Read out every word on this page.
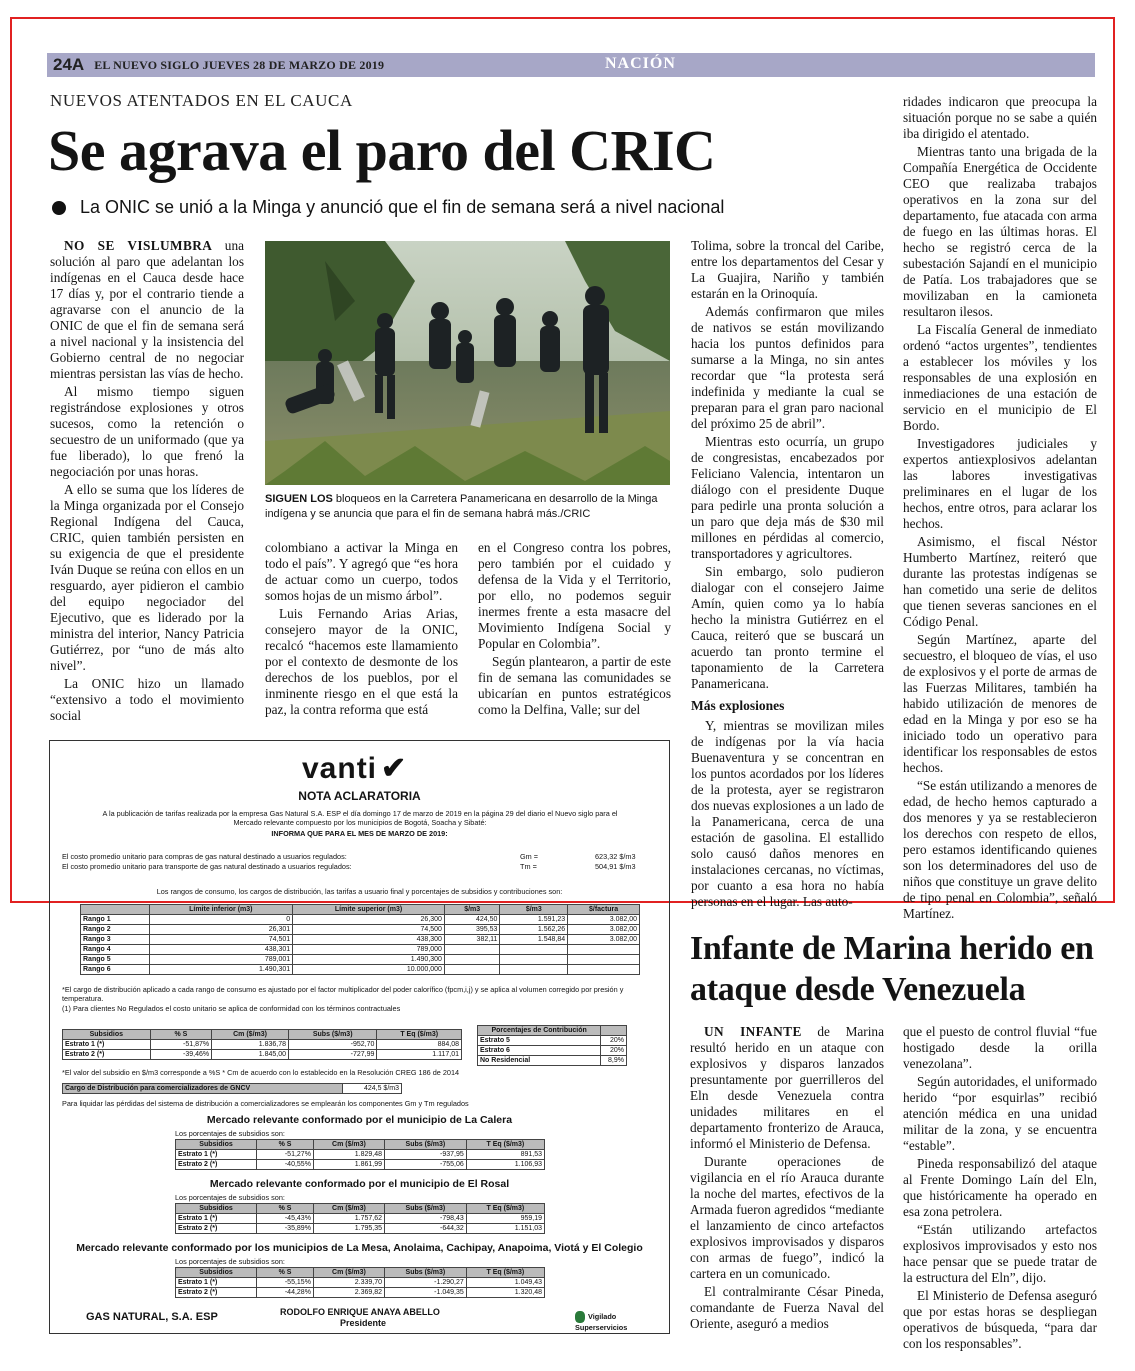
24A EL NUEVO SIGLO JUEVES 28 DE MARZO DE 2019	NACIÓN
NUEVOS ATENTADOS EN EL CAUCA
Se agrava el paro del CRIC
La ONIC se unió a la Minga y anunció que el fin de semana será a nivel nacional

NO SE VISLUMBRA una solución al paro que adelantan los indígenas en el Cauca desde hace 17 días y, por el contrario tiende a agravarse con el anuncio de la ONIC de que el fin de semana será a nivel nacional y la insistencia del Gobierno central de no negociar mientras persistan las vías de hecho.

Al mismo tiempo siguen registrándose explosiones y otros sucesos, como la retención o secuestro de un uniformado (que ya fue liberado), lo que frenó la negociación por unas horas.

A ello se suma que los líderes de la Minga organizada por el Consejo Regional Indígena del Cauca, CRIC, quien también persisten en su exigencia de que el presidente Iván Duque se reúna con ellos en un resguardo, ayer pidieron el cambio del equipo negociador del Ejecutivo, que es liderado por la ministra del interior, Nancy Patricia Gutiérrez, por “uno de más alto nivel”.

La ONIC hizo un llamado “extensivo a todo el movimiento social

SIGUEN LOS bloqueos en la Carretera Panamericana en desarrollo de la Minga indígena y se anuncia que para el fin de semana habrá más./CRIC

colombiano a activar la Minga en todo el país”. Y agregó que “es hora de actuar como un cuerpo, todos somos hojas de un mismo árbol”.

Luis Fernando Arias Arias, consejero mayor de la ONIC, recalcó “hacemos este llamamiento por el contexto de desmonte de los derechos de los pueblos, por el inminente riesgo en el que está la paz, la contra reforma que está

en el Congreso contra los pobres, pero también por el cuidado y defensa de la Vida y el Territorio, por ello, no podemos seguir inermes frente a esta masacre del Movimiento Indígena Social y Popular en Colombia”.

Según plantearon, a partir de este fin de semana las comunidades se ubicarían en puntos estratégicos como la Delfina, Valle; sur del

Tolima, sobre la troncal del Caribe, entre los departamentos del Cesar y La Guajira, Nariño y también estarán en la Orinoquía.

Además confirmaron que miles de nativos se están movilizando hacia los puntos definidos para sumarse a la Minga, no sin antes recordar que “la protesta será indefinida y mediante la cual se preparan para el gran paro nacional del próximo 25 de abril”.

Mientras esto ocurría, un grupo de congresistas, encabezados por Feliciano Valencia, intentaron un diálogo con el presidente Duque para pedirle una pronta solución a un paro que deja más de $30 mil millones en pérdidas al comercio, transportadores y agricultores.

Sin embargo, solo pudieron dialogar con el consejero Jaime Amín, quien como ya lo había hecho la ministra Gutiérrez en el Cauca, reiteró que se buscará un acuerdo tan pronto termine el taponamiento de la Carretera Panamericana.

Más explosiones

Y, mientras se movilizan miles de indígenas por la vía hacia Buenaventura y se concentran en los puntos acordados por los líderes de la protesta, ayer se registraron dos nuevas explosiones a un lado de la Panamericana, cerca de una estación de gasolina. El estallido solo causó daños menores en instalaciones cercanas, no víctimas, por cuanto a esa hora no había personas en el lugar. Las auto-

ridades indicaron que preocupa la situación porque no se sabe a quién iba dirigido el atentado.

Mientras tanto una brigada de la Compañía Energética de Occidente CEO que realizaba trabajos operativos en la zona sur del departamento, fue atacada con arma de fuego en las últimas horas. El hecho se registró cerca de la subestación Sajandí en el municipio de Patía. Los trabajadores que se movilizaban en la camioneta resultaron ilesos.

La Fiscalía General de inmediato ordenó “actos urgentes”, tendientes a establecer los móviles y los responsables de una explosión en inmediaciones de una estación de servicio en el municipio de El Bordo.

Investigadores judiciales y expertos antiexplosivos adelantan las labores investigativas preliminares en el lugar de los hechos, entre otros, para aclarar los hechos.

Asimismo, el fiscal Néstor Humberto Martínez, reiteró que durante las protestas indígenas se han cometido una serie de delitos que tienen severas sanciones en el Código Penal.

Según Martínez, aparte del secuestro, el bloqueo de vías, el uso de explosivos y el porte de armas de las Fuerzas Militares, también ha habido utilización de menores de edad en la Minga y por eso se ha iniciado todo un operativo para identificar los responsables de estos hechos.

“Se están utilizando a menores de edad, de hecho hemos capturado a dos menores y ya se restablecieron los derechos con respeto de ellos, pero estamos identificando quienes son los determinadores del uso de niños que constituye un grave delito de tipo penal en Colombia”, señaló Martínez.

Infante de Marina herido en ataque desde Venezuela

UN INFANTE de Marina resultó herido en un ataque con explosivos y disparos lanzados presuntamente por guerrilleros del Eln desde Venezuela contra unidades militares en el departamento fronterizo de Arauca, informó el Ministerio de Defensa.

Durante operaciones de vigilancia en el río Arauca durante la noche del martes, efectivos de la Armada fueron agredidos “mediante el lanzamiento de cinco artefactos explosivos improvisados y disparos con armas de fuego”, indicó la cartera en un comunicado.

El contralmirante César Pineda, comandante de Fuerza Naval del Oriente, aseguró a medios

que el puesto de control fluvial “fue hostigado desde la orilla venezolana”.

Según autoridades, el uniformado herido “por esquirlas” recibió atención médica en una unidad militar de la zona, y se encuentra “estable”.

Pineda responsabilizó del ataque al Frente Domingo Laín del Eln, que históricamente ha operado en esa zona petrolera.

“Están utilizando artefactos explosivos improvisados y esto nos hace pensar que se puede tratar de la estructura del Eln”, dijo.

El Ministerio de Defensa aseguró que por estas horas se despliegan operativos de búsqueda, “para dar con los responsables”.

vanti ✔
NOTA ACLARATORIA
A la publicación de tarifas realizada por la empresa Gas Natural S.A. ESP el día domingo 17 de marzo de 2019 en la página 29 del diario el Nuevo siglo para el Mercado relevante compuesto por los municipios de Bogotá, Soacha y Sibaté:
INFORMA QUE PARA EL MES DE MARZO DE 2019:
El costo promedio unitario para compras de gas natural destinado a usuarios regulados:	Gm =	623,32 $/m3
El costo promedio unitario para transporte de gas natural destinado a usuarios regulados:	Tm =	504,91 $/m3
Los rangos de consumo, los cargos de distribución, las tarifas a usuario final y porcentajes de subsidios y contribuciones son:
	Límite inferior (m3)	Límite superior (m3)	$/m3	$/m3	$/factura
Rango 1	0	26,300	424,50	1.591,23	3.082,00
Rango 2	26,301	74,500	395,53	1.562,26	3.082,00
Rango 3	74,501	438,300	382,11	1.548,84	3.082,00
Rango 4	438,301	789,000			
Rango 5	789,001	1.490,300			
Rango 6	1.490,301	10.000,000			
*El cargo de distribución aplicado a cada rango de consumo es ajustado por el factor multiplicador del poder calorífico (fpcm,i,j) y se aplica al volumen corregido por presión y temperatura.
(1) Para clientes No Regulados el costo unitario se aplica de conformidad con los términos contractuales
Subsidios	% S	Cm ($/m3)	Subs ($/m3)	T Eq ($/m3)
Estrato 1 (*)	-51,87%	1.836,78	-952,70	884,08
Estrato 2 (*)	-39,46%	1.845,00	-727,99	1.117,01
Porcentajes de Contribución	
Estrato 5	20%
Estrato 6	20%
No Residencial	8,9%
*El valor del subsidio en $/m3 corresponde a %S * Cm de acuerdo con lo establecido en la Resolución CREG 186 de 2014
Cargo de Distribución para comercializadores de GNCV	424,5 $/m3
Para liquidar las pérdidas del sistema de distribución a comercializadores se emplearán los componentes Gm y Tm regulados
Mercado relevante conformado por el municipio de La Calera
Los porcentajes de subsidios son:
Subsidios	% S	Cm ($/m3)	Subs ($/m3)	T Eq ($/m3)
Estrato 1 (*)	-51,27%	1.829,48	-937,95	891,53
Estrato 2 (*)	-40,55%	1.861,99	-755,06	1.106,93
Mercado relevante conformado por el municipio de El Rosal
Los porcentajes de subsidios son:
Subsidios	% S	Cm ($/m3)	Subs ($/m3)	T Eq ($/m3)
Estrato 1 (*)	-45,43%	1.757,62	-798,43	959,19
Estrato 2 (*)	-35,89%	1.795,35	-644,32	1.151,03
Mercado relevante conformado por los municipios de La Mesa, Anolaima, Cachipay, Anapoima, Viotá y El Colegio
Los porcentajes de subsidios son:
Subsidios	% S	Cm ($/m3)	Subs ($/m3)	T Eq ($/m3)
Estrato 1 (*)	-55,15%	2.339,70	-1.290,27	1.049,43
Estrato 2 (*)	-44,28%	2.369,82	-1.049,35	1.320,48
GAS NATURAL, S.A. ESP	RODOLFO ENRIQUE ANAYA ABELLO
Presidente
Vigilado Superservicios
